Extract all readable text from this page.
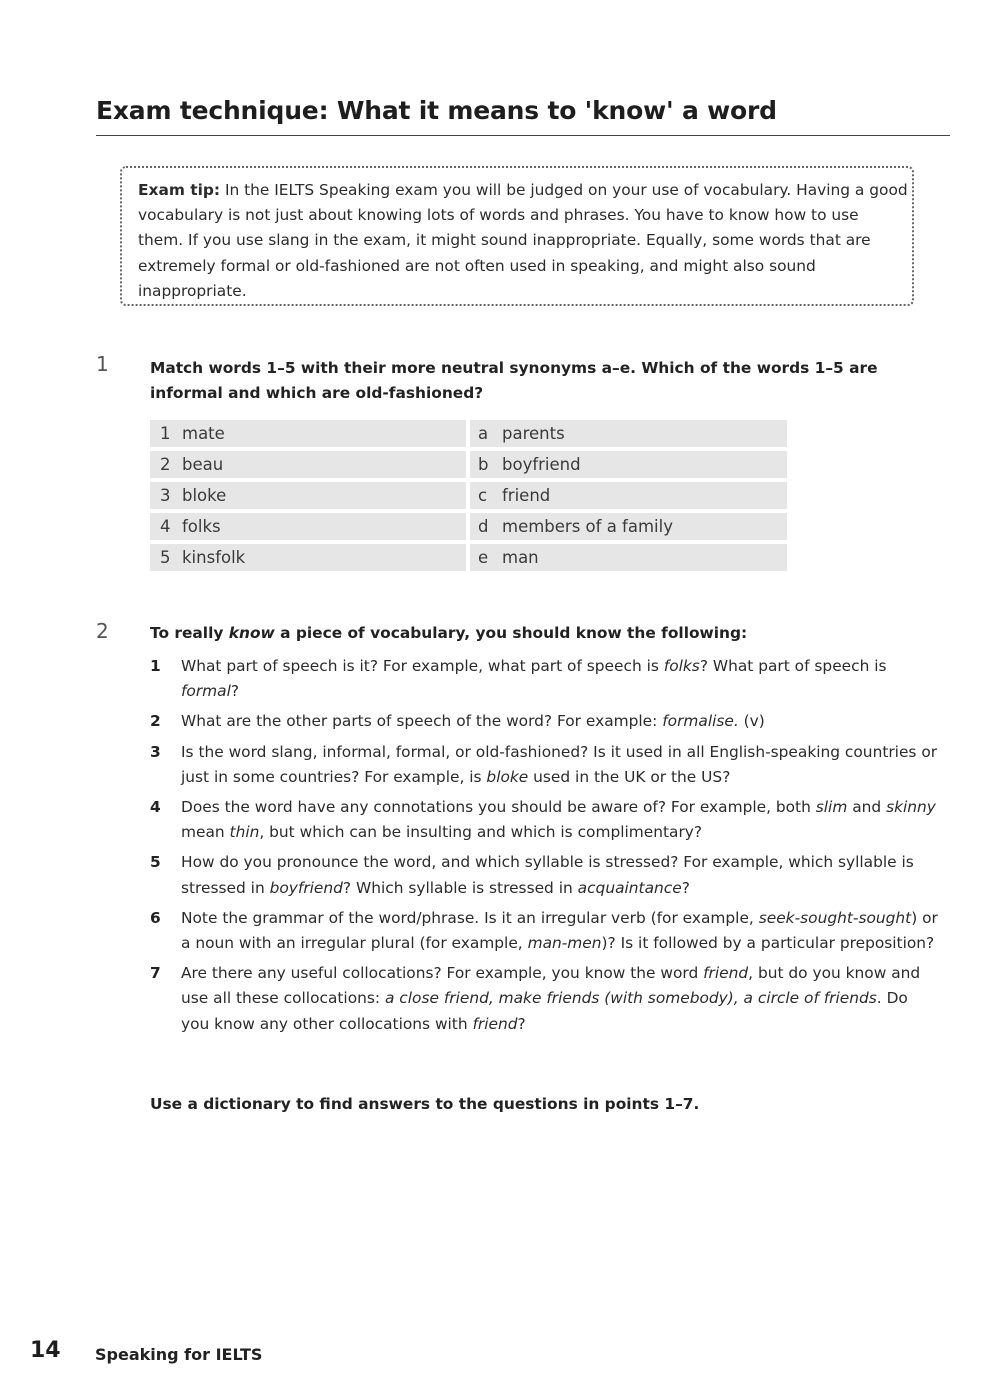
Exam technique: What it means to 'know' a word
Exam tip: In the IELTS Speaking exam you will be judged on your use of vocabulary. Having a good vocabulary is not just about knowing lots of words and phrases. You have to know how to use them. If you use slang in the exam, it might sound inappropriate. Equally, some words that are extremely formal or old-fashioned are not often used in speaking, and might also sound inappropriate.
1	Match words 1–5 with their more neutral synonyms a–e. Which of the words 1–5 are informal and which are old-fashioned?
1 mate	a parents
2 beau	b boyfriend
3 bloke	c friend
4 folks	d members of a family
5 kinsfolk	e man
2	To really know a piece of vocabulary, you should know the following:
1	What part of speech is it? For example, what part of speech is folks? What part of speech is formal?
2	What are the other parts of speech of the word? For example: formalise. (v)
3	Is the word slang, informal, formal, or old-fashioned? Is it used in all English-speaking countries or just in some countries? For example, is bloke used in the UK or the US?
4	Does the word have any connotations you should be aware of? For example, both slim and skinny mean thin, but which can be insulting and which is complimentary?
5	How do you pronounce the word, and which syllable is stressed? For example, which syllable is stressed in boyfriend? Which syllable is stressed in acquaintance?
6	Note the grammar of the word/phrase. Is it an irregular verb (for example, seek-sought-sought) or a noun with an irregular plural (for example, man-men)? Is it followed by a particular preposition?
7	Are there any useful collocations? For example, you know the word friend, but do you know and use all these collocations: a close friend, make friends (with somebody), a circle of friends. Do you know any other collocations with friend?
Use a dictionary to find answers to the questions in points 1–7.
14 Speaking for IELTS
